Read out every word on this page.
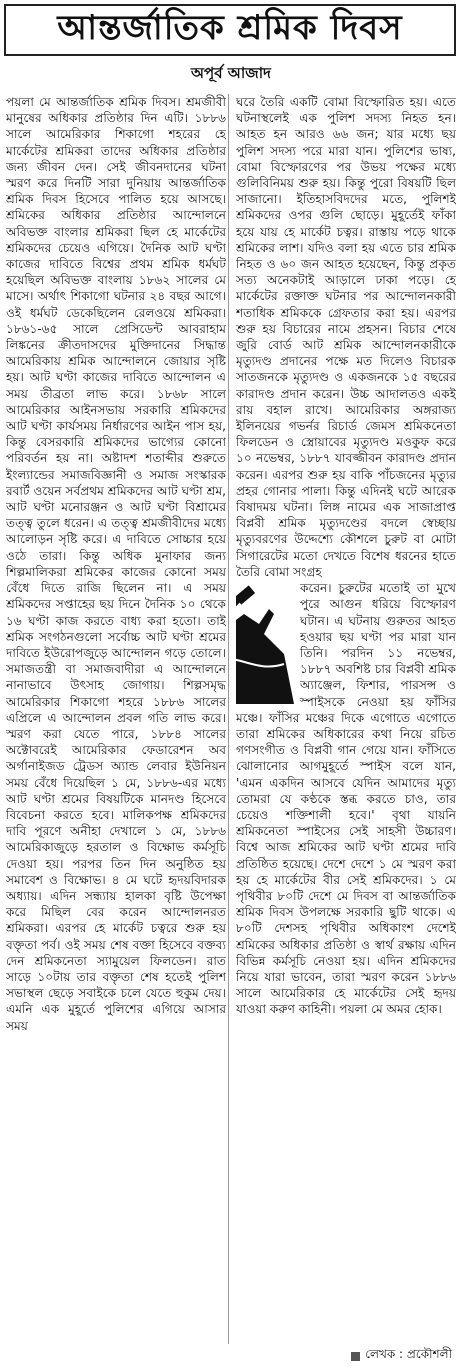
আন্তর্জাতিক শ্রমিক দিবস
অপূর্ব আজাদ

পয়লা মে আন্তর্জাতিক শ্রমিক দিবস। শ্রমজীবী মানুষের অধিকার প্রতিষ্ঠার দিন এটি। ১৮৮৬ সালে আমেরিকার শিকাগো শহরের হে মার্কেটের শ্রমিকরা তাদের অধিকার প্রতিষ্ঠার জন্য জীবন দেন। সেই জীবনদানের ঘটনা স্মরণ করে দিনটি সারা দুনিয়ায় আন্তর্জাতিক শ্রমিক দিবস হিসেবে পালিত হয়ে আসছে। শ্রমিকের অধিকার প্রতিষ্ঠার আন্দোলনে অবিভক্ত বাংলার শ্রমিকরা ছিল হে মার্কেটের শ্রমিকদের চেয়েও এগিয়ে। দৈনিক আট ঘণ্টা কাজের দাবিতে বিশ্বের প্রথম শ্রমিক ধর্মঘট হয়েছিল অবিভক্ত বাংলায় ১৮৬২ সালের মে মাসে। অর্থাৎ শিকাগো ঘটনার ২৪ বছর আগে। ওই ধর্মঘট ডেকেছিলেন রেলওয়ে শ্রমিকরা। ১৮৬১-৬৫ সালে প্রেসিডেন্ট আবরাহাম লিঙ্কনের ক্রীতদাসদের মুক্তিদানের সিদ্ধান্ত আমেরিকায় শ্রমিক আন্দোলনে জোয়ার সৃষ্টি হয়। আট ঘণ্টা কাজের দাবিতে আন্দোলন এ সময় তীব্রতা লাভ করে। ১৮৬৮ সালে আমেরিকার আইনসভায় সরকারি শ্রমিকদের আট ঘণ্টা কার্যসময় নির্ধারণের আইন পাস হয়, কিন্তু বেসরকারি শ্রমিকদের ভাগ্যের কোনো পরিবর্তন হয় না। অষ্টাদশ শতাব্দীর শুরুতে ইংল্যান্ডের সমাজবিজ্ঞানী ও সমাজ সংস্কারক রবার্ট ওয়েন সর্বপ্রথম শ্রমিকদের আট ঘণ্টা শ্রম, আট ঘণ্টা মনোরঞ্জন ও আট ঘণ্টা বিশ্রামের তত্ত্ব তুলে ধরেন। এ তত্ত্ব শ্রমজীবীদের মধ্যে আলোড়ন সৃষ্টি করে। এ দাবিতে সোচ্চার হয়ে ওঠে তারা। কিন্তু অধিক মুনাফার জন্য শিল্পমালিকরা শ্রমিকের কাজের কোনো সময় বেঁধে দিতে রাজি ছিলেন না। এ সময় শ্রমিকদের সপ্তাহের ছয় দিনে দৈনিক ১০ থেকে ১৬ ঘণ্টা কাজ করতে বাধ্য করা হতো। তাই শ্রমিক সংগঠনগুলো সর্বোচ্চ আট ঘণ্টা শ্রমের দাবিতে ইউরোপজুড়ে আন্দোলন গড়ে তোলে। সমাজতন্ত্রী বা সমাজবাদীরা এ আন্দোলনে নানাভাবে উৎসাহ জোগায়। শিল্পসমৃদ্ধ আমেরিকার শিকাগো শহরে ১৮৮৬ সালের এপ্রিলে এ আন্দোলন প্রবল গতি লাভ করে। স্মরণ করা যেতে পারে, ১৮৮৪ সালের অক্টোবরেই আমেরিকার ফেডারেশন অব অর্গানাইজড ট্রেডস অ্যান্ড লেবার ইউনিয়ন সময় বেঁধে দিয়েছিল ১ মে, ১৮৮৬-এর মধ্যে আট ঘণ্টা শ্রমের বিষয়টিকে মানদণ্ড হিসেবে বিবেচনা করতে হবে। মালিকপক্ষ শ্রমিকদের দাবি পূরণে অনীহা দেখালে ১ মে, ১৮৮৬ আমেরিকাজুড়ে হরতাল ও বিক্ষোভ কর্মসূচি দেওয়া হয়। পরপর তিন দিন অনুষ্ঠিত হয় সমাবেশ ও বিক্ষোভ। ৪ মে ঘটে হৃদয়বিদারক অধ্যায়। এদিন সন্ধ্যায় হালকা বৃষ্টি উপেক্ষা করে মিছিল বের করেন আন্দোলনরত শ্রমিকরা। এরপর হে মার্কেট চত্বরে শুরু হয় বক্তৃতা পর্ব। ওই সময় শেষ বক্তা হিসেবে বক্তব্য দেন শ্রমিকনেতা স্যামুয়েল ফিলডেন। রাত সাড়ে ১০টায় তার বক্তৃতা শেষ হতেই পুলিশ সভাস্থল ছেড়ে সবাইকে চলে যেতে হুকুম দেয়। এমনি এক মুহূর্তে পুলিশের এগিয়ে আসার সময়

ঘরে তৈরি একটি বোমা বিস্ফোরিত হয়। এতে ঘটনাস্থলেই এক পুলিশ সদস্য নিহত হন। আহত হন আরও ৬৬ জন; যার মধ্যে ছয় পুলিশ সদস্য পরে মারা যান। পুলিশের ভাষ্য, বোমা বিস্ফোরণের পর উভয় পক্ষের মধ্যে গুলিবিনিময় শুরু হয়। কিন্তু পুরো বিষয়টি ছিল সাজানো। ইতিহাসবিদদের মতে, পুলিশই শ্রমিকদের ওপর গুলি ছোড়ে। মুহূর্তেই ফাঁকা হয়ে যায় হে মার্কেট চত্বর। রাস্তায় পড়ে থাকে শ্রমিকের লাশ। যদিও বলা হয় এতে চার শ্রমিক নিহত ও ৬০ জন আহত হয়েছেন, কিন্তু প্রকৃত সত্য অনেকটাই আড়ালে ঢাকা পড়ে। হে মার্কেটের রক্তাক্ত ঘটনার পর আন্দোলনকারী শতাধিক শ্রমিককে গ্রেফতার করা হয়। এরপর শুরু হয় বিচারের নামে প্রহসন। বিচার শেষে জুরি বোর্ড আট শ্রমিক আন্দোলনকারীকে মৃত্যুদণ্ড প্রদানের পক্ষে মত দিলেও বিচারক সাতজনকে মৃত্যুদণ্ড ও একজনকে ১৫ বছরের কারাদণ্ড প্রদান করেন। উচ্চ আদালতও একই রায় বহাল রাখে। আমেরিকার অঙ্গরাজ্য ইলিনয়ের গভর্নর রিচার্ড জেমস শ্রমিকনেতা ফিলডেন ও স্ত্রোয়াবের মৃত্যুদণ্ড মওকুফ করে ১০ নভেম্বর, ১৮৮৭ যাবজ্জীবন কারাদণ্ড প্রদান করেন। এরপর শুরু হয় বাকি পাঁচজনের মৃত্যুর প্রহর গোনার পালা। কিন্তু এদিনই ঘটে আরেক বিষাদময় ঘটনা। লিঙ্গ নামের এক সাজাপ্রাপ্ত বিপ্লবী শ্রমিক মৃত্যুদণ্ডের বদলে স্বেচ্ছায় মৃত্যুবরণের উদ্দেশ্যে কৌশলে চুরুট বা মোটা সিগারেটের মতো দেখতে বিশেষ ধরনের হাতে তৈরি বোমা সংগ্রহ

করেন। চুরুটের মতোই তা মুখে পুরে আগুন ধরিয়ে বিস্ফোরণ ঘটান। এ ঘটনায় গুরুতর আহত হওয়ার ছয় ঘণ্টা পর মারা যান তিনি। পরদিন ১১ নভেম্বর, ১৮৮৭ অবশিষ্ট চার বিপ্লবী শ্রমিক অ্যাঞ্জেল, ফিশার, পারসন্স ও স্পাইসকে নেওয়া হয় ফাঁসির মঞ্চে। ফাঁসির মঞ্চের দিকে এগোতে এগোতে তারা শ্রমিকের অধিকারের কথা নিয়ে রচিত গণসংগীত ও বিপ্লবী গান গেয়ে যান। ফাঁসিতে ঝোলানোর আগমুহূর্তে স্পাইস বলে যান, 'এমন একদিন আসবে যেদিন আমাদের মৃত্যু তোমরা যে কণ্ঠকে স্তব্ধ করতে চাও, তার চেয়েও শক্তিশালী হবে।' বৃথা যায়নি শ্রমিকনেতা স্পাইসের সেই সাহসী উচ্চারণ। বিশ্বে আজ শ্রমিকের আট ঘণ্টা শ্রমের দাবি প্রতিষ্ঠিত হয়েছে। দেশে দেশে ১ মে স্মরণ করা হয় হে মার্কেটের বীর সেই শ্রমিকদের। ১ মে পৃথিবীর ৮০টি দেশে মে দিবস বা আন্তর্জাতিক শ্রমিক দিবস উপলক্ষে সরকারি ছুটি থাকে। এ ৮০টি দেশসহ পৃথিবীর অধিকাংশ দেশেই শ্রমিকের অধিকার প্রতিষ্ঠা ও স্বার্থ রক্ষায় এদিন বিভিন্ন কর্মসূচি নেওয়া হয়। এদিন শ্রমিকদের নিয়ে যারা ভাবেন, তারা স্মরণ করেন ১৮৮৬ সালে আমেরিকার হে মার্কেটের সেই হৃদয় যাওয়া করুণ কাহিনী। পয়লা মে অমর হোক।

লেখক : প্রকৌশলী
